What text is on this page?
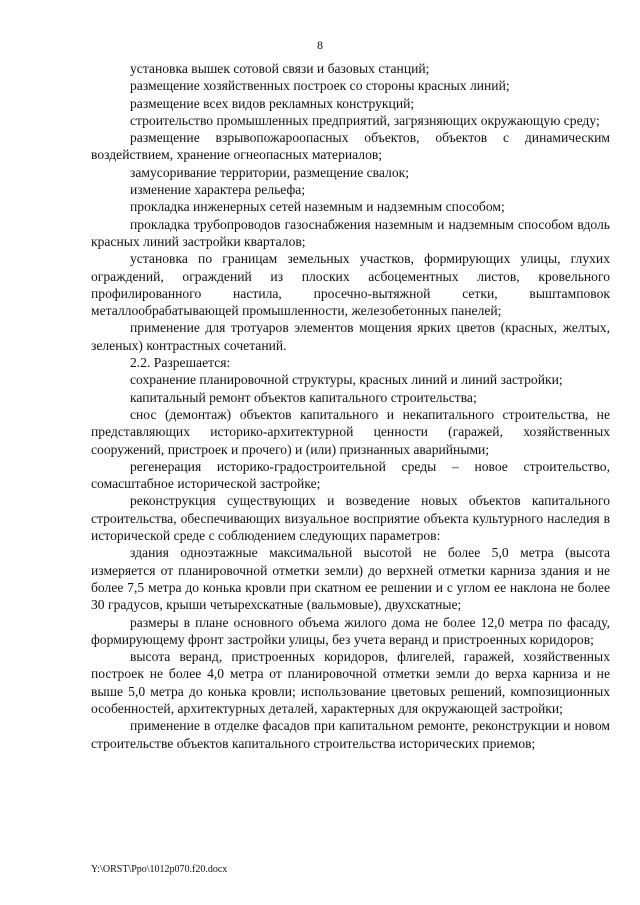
8

установка вышек сотовой связи и базовых станций;

размещение хозяйственных построек со стороны красных линий;

размещение всех видов рекламных конструкций;

строительство промышленных предприятий, загрязняющих окружающую среду;

размещение взрывопожароопасных объектов, объектов с динамическим воздействием, хранение огнеопасных материалов;

замусоривание территории, размещение свалок;

изменение характера рельефа;

прокладка инженерных сетей наземным и надземным способом;

прокладка трубопроводов газоснабжения наземным и надземным способом вдоль красных линий застройки кварталов;

установка по границам земельных участков, формирующих улицы, глухих ограждений, ограждений из плоских асбоцементных листов, кровельного профилированного настила, просечно-вытяжной сетки, выштамповок металлообрабатывающей промышленности, железобетонных панелей;

применение для тротуаров элементов мощения ярких цветов (красных, желтых, зеленых) контрастных сочетаний.

2.2. Разрешается:

сохранение планировочной структуры, красных линий и линий застройки;

капитальный ремонт объектов капитального строительства;

снос (демонтаж) объектов капитального и некапитального строительства, не представляющих историко-архитектурной ценности (гаражей, хозяйственных сооружений, пристроек и прочего) и (или) признанных аварийными;

регенерация историко-градостроительной среды – новое строительство, сомасштабное исторической застройке;

реконструкция существующих и возведение новых объектов капитального строительства, обеспечивающих визуальное восприятие объекта культурного наследия в исторической среде с соблюдением следующих параметров:

здания одноэтажные максимальной высотой не более 5,0 метра (высота измеряется от планировочной отметки земли) до верхней отметки карниза здания и не более 7,5 метра до конька кровли при скатном ее решении и с углом ее наклона не более 30 градусов, крыши четырехскатные (вальмовые), двухскатные;

размеры в плане основного объема жилого дома не более 12,0 метра по фасаду, формирующему фронт застройки улицы, без учета веранд и пристроенных коридоров;

высота веранд, пристроенных коридоров, флигелей, гаражей, хозяйственных построек не более 4,0 метра от планировочной отметки земли до верха карниза и не выше 5,0 метра до конька кровли; использование цветовых решений, композиционных особенностей, архитектурных деталей, характерных для окружающей застройки;

применение в отделке фасадов при капитальном ремонте, реконструкции и новом строительстве объектов капитального строительства исторических приемов;

Y:\ORST\Ppo\1012p070.f20.docx
